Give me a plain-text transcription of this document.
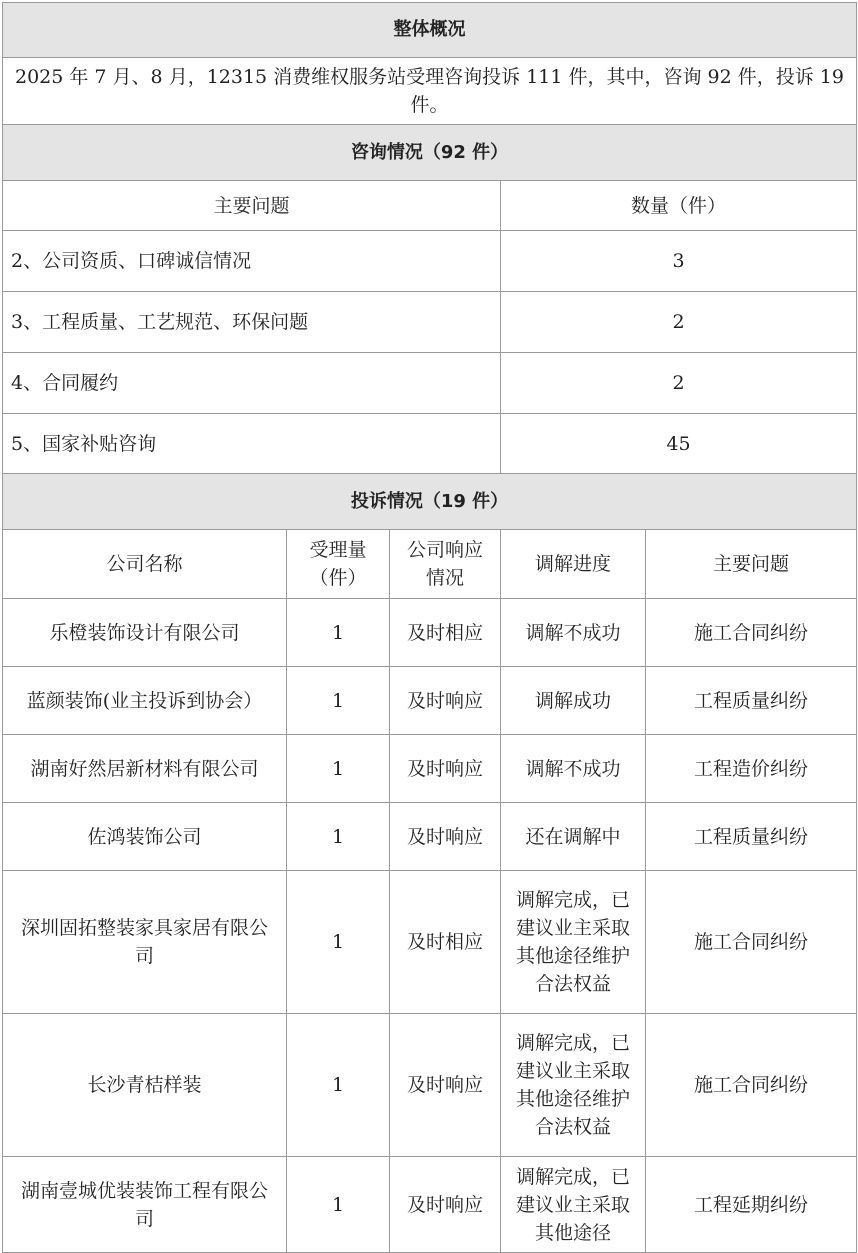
整体概况				
2025 年 7 月、8 月，12315 消费维权服务站受理咨询投诉 111 件，其中，咨询 92 件，投诉 19 件。				
咨询情况（92 件）				
主要问题			数量（件）	
2、公司资质、口碑诚信情况			3	
3、工程质量、工艺规范、环保问题			2	
4、合同履约			2	
5、国家补贴咨询			45	
投诉情况（19 件）				
公司名称	受理量（件）	公司响应情况	调解进度	主要问题
乐橙装饰设计有限公司	1	及时相应	调解不成功	施工合同纠纷
蓝颜装饰(业主投诉到协会）	1	及时响应	调解成功	工程质量纠纷
湖南好然居新材料有限公司	1	及时响应	调解不成功	工程造价纠纷
佐鸿装饰公司	1	及时响应	还在调解中	工程质量纠纷
深圳固拓整装家具家居有限公司	1	及时相应	调解完成，已建议业主采取其他途径维护合法权益	施工合同纠纷
长沙青桔样装	1	及时响应	调解完成，已建议业主采取其他途径维护合法权益	施工合同纠纷
湖南壹城优装装饰工程有限公司	1	及时响应	调解完成，已建议业主采取其他途径	工程延期纠纷
